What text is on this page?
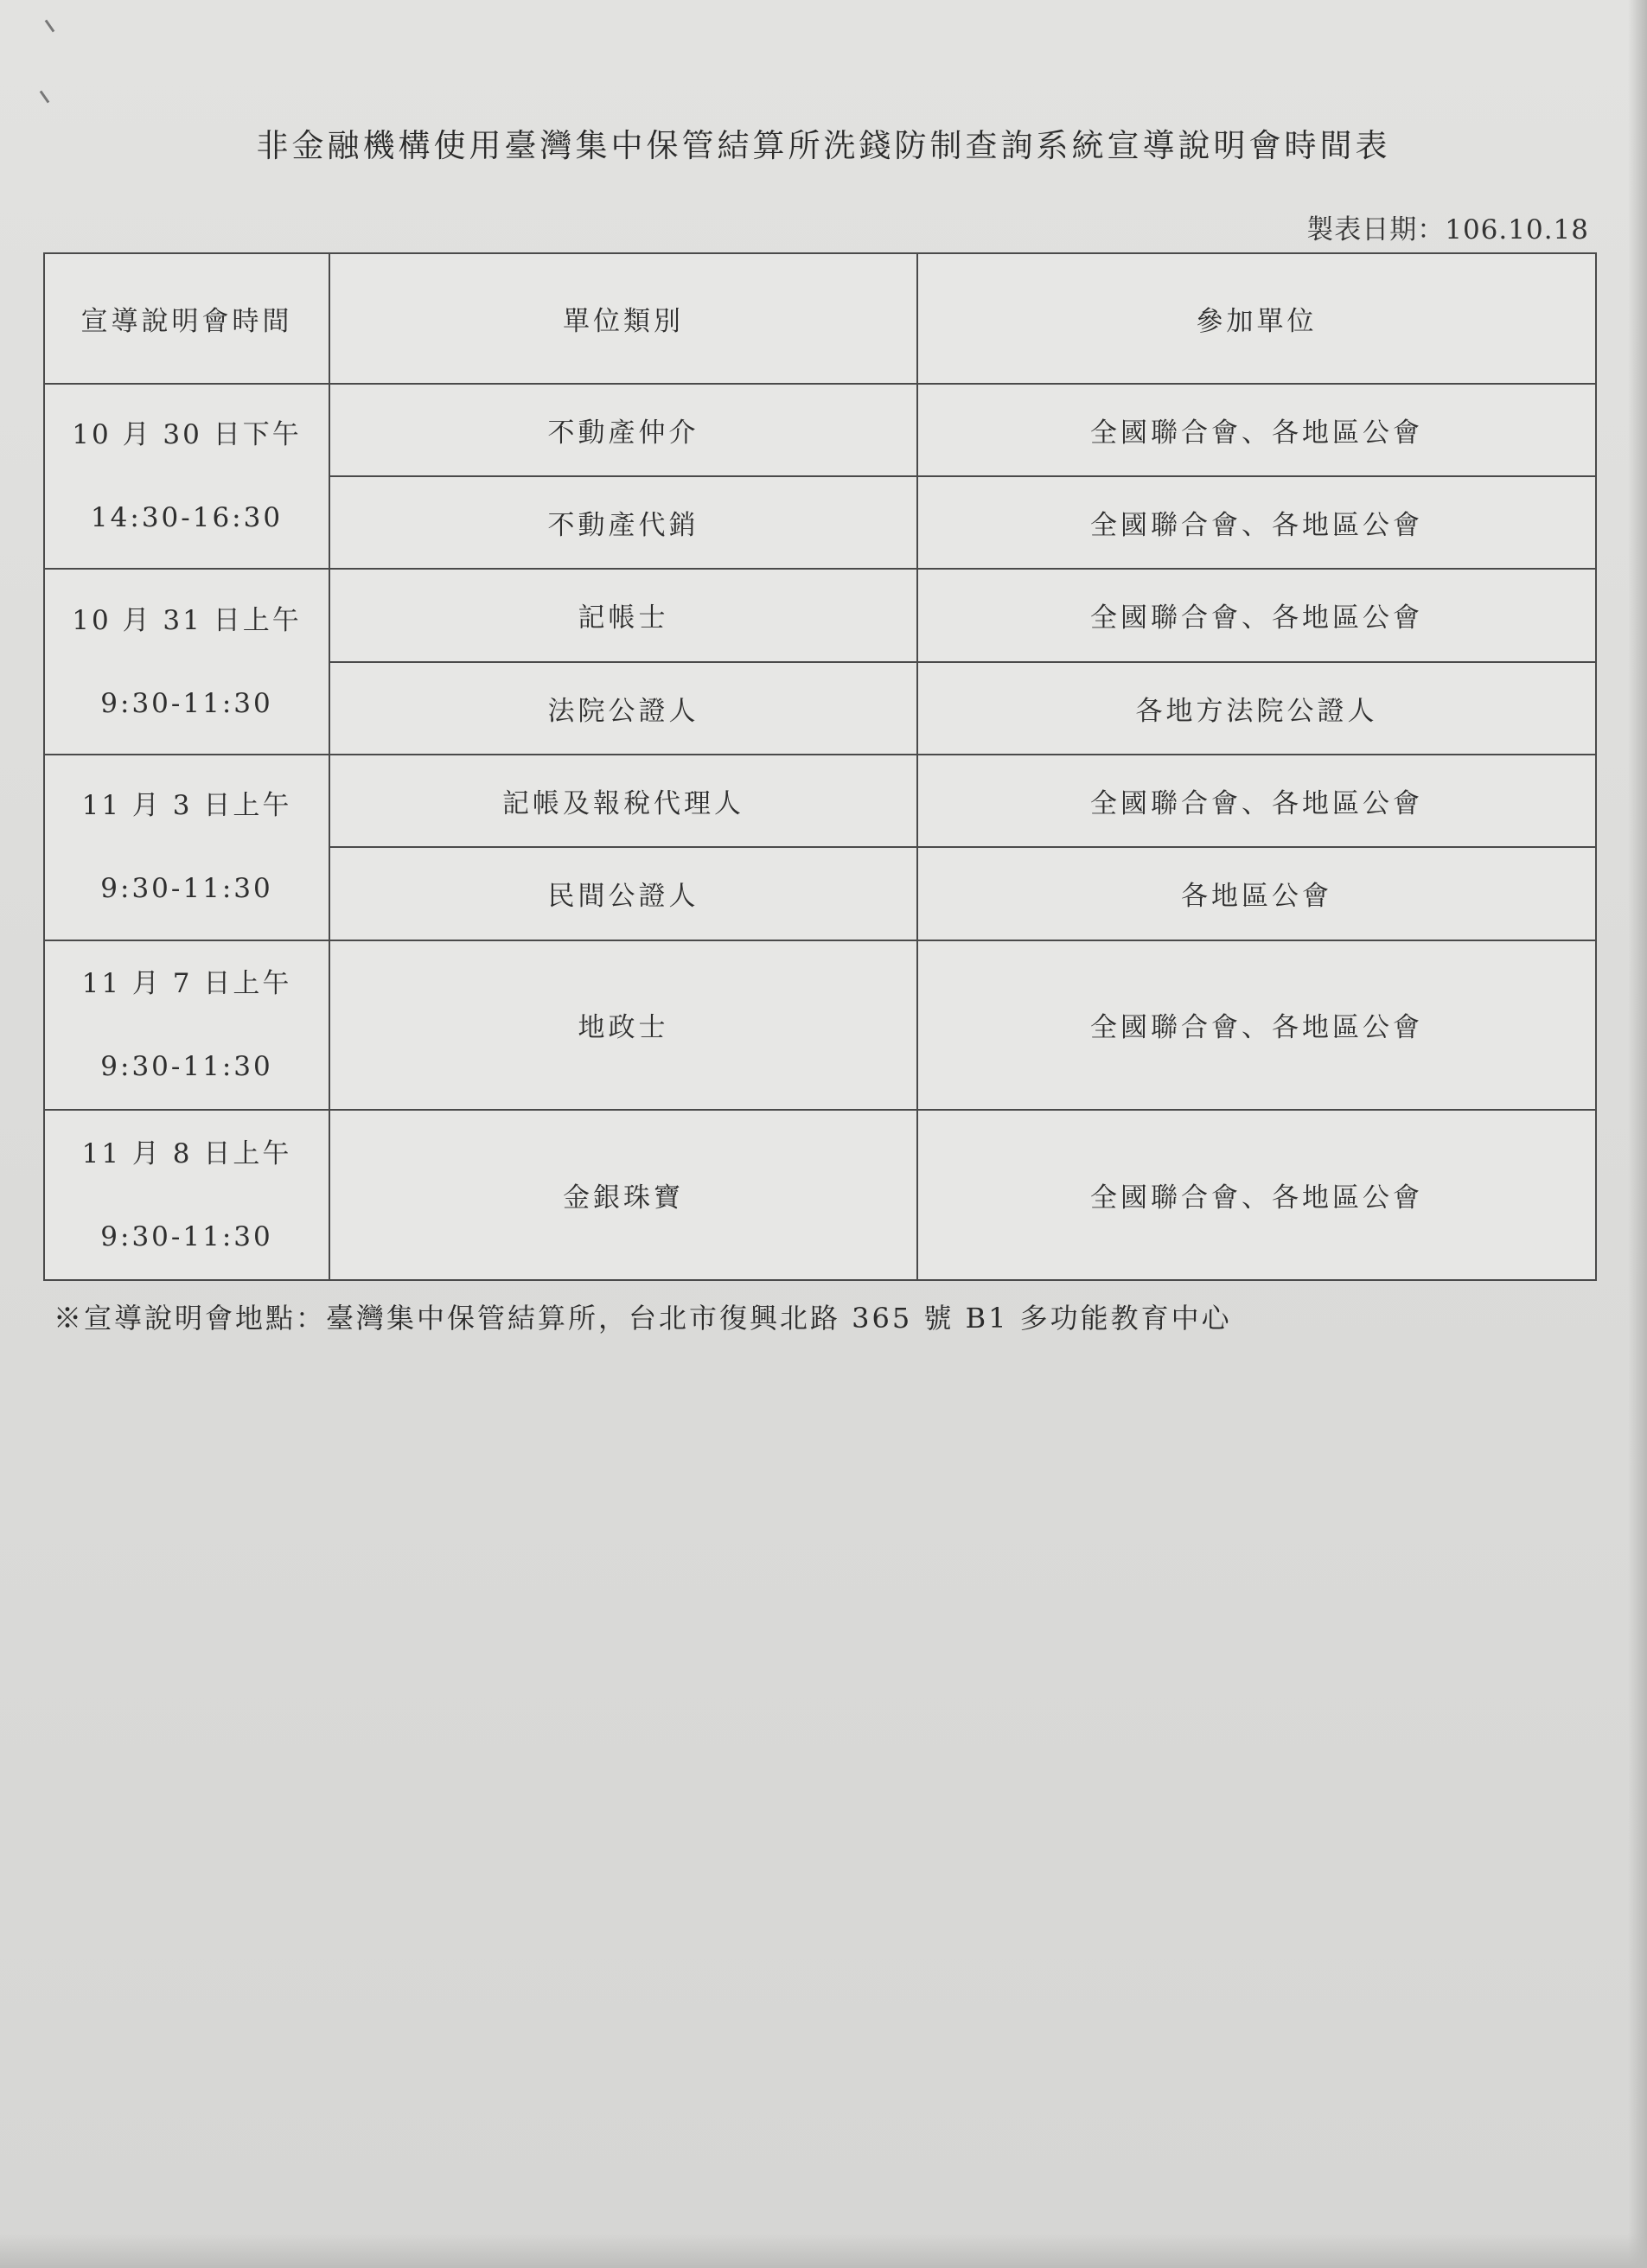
非金融機構使用臺灣集中保管結算所洗錢防制查詢系統宣導說明會時間表
製表日期：106.10.18
宣導說明會時間	單位類別	參加單位

10 月 30 日下午
14:30-16:30	不動產仲介	全國聯合會、各地區公會
	不動產代銷	全國聯合會、各地區公會

10 月 31 日上午
9:30-11:30	記帳士	全國聯合會、各地區公會
	法院公證人	各地方法院公證人

11 月 3 日上午
9:30-11:30	記帳及報稅代理人	全國聯合會、各地區公會
	民間公證人	各地區公會

11 月 7 日上午
9:30-11:30	地政士	全國聯合會、各地區公會

11 月 8 日上午
9:30-11:30	金銀珠寶	全國聯合會、各地區公會
※宣導說明會地點：臺灣集中保管結算所，台北市復興北路 365 號 B1 多功能教育中心
